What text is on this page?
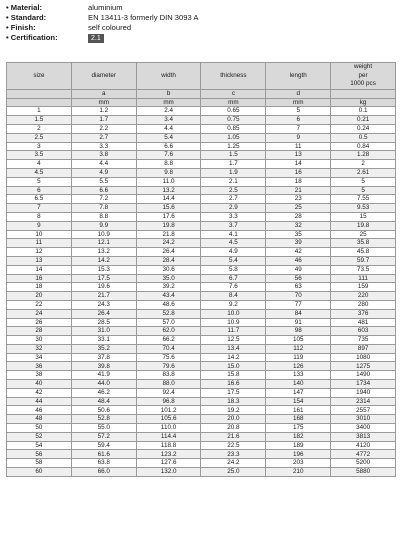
• Material:	aluminium
• Standard:	EN 13411-3 formerly DIN 3093 A
• Finish:	self coloured
• Certification:	2.1
size	diameter	width	thickness	length	weight
per
1000 pcs

	a	b	c	d	
	mm	mm	mm	mm	kg
1	1.2	2.4	0.65	5	0.1
1.5	1.7	3.4	0.75	6	0.21
2	2.2	4.4	0.85	7	0.24
2.5	2.7	5.4	1.05	9	0.5
3	3.3	6.6	1.25	11	0.84
3.5	3.8	7.6	1.5	13	1.28
4	4.4	8.8	1.7	14	2
4.5	4.9	9.8	1.9	16	2.61
5	5.5	11.0	2.1	18	5
6	6.6	13.2	2.5	21	5
6.5	7.2	14.4	2.7	23	7.55
7	7.8	15.6	2.9	25	9.53
8	8.8	17.6	3.3	28	15
9	9.9	19.8	3.7	32	19.8
10	10.9	21.8	4.1	35	25
11	12.1	24.2	4.5	39	35.8
12	13.2	26.4	4.9	42	45.8
13	14.2	28.4	5.4	46	59.7
14	15.3	30.6	5.8	49	73.5
16	17.5	35.0	6.7	56	111
18	19.6	39.2	7.6	63	159
20	21.7	43.4	8.4	70	220
22	24.3	48.6	9.2	77	280
24	26.4	52.8	10.0	84	376
26	28.5	57.0	10.9	91	481
28	31.0	62.0	11.7	98	603
30	33.1	66.2	12.5	105	735
32	35.2	70.4	13.4	112	897
34	37.8	75.6	14.2	119	1080
36	39.8	79.6	15.0	126	1275
38	41.9	83.8	15.8	133	1490
40	44.0	88.0	16.6	140	1734
42	46.2	92.4	17.5	147	1940
44	48.4	96.8	18.3	154	2314
46	50.6	101.2	19.2	161	2557
48	52.8	105.6	20.0	168	3010
50	55.0	110.0	20.8	175	3400
52	57.2	114.4	21.6	182	3813
54	59.4	118.8	22.5	189	4120
56	61.6	123.2	23.3	196	4772
58	63.8	127.6	24.2	203	5200
60	66.0	132.0	25.0	210	5880
